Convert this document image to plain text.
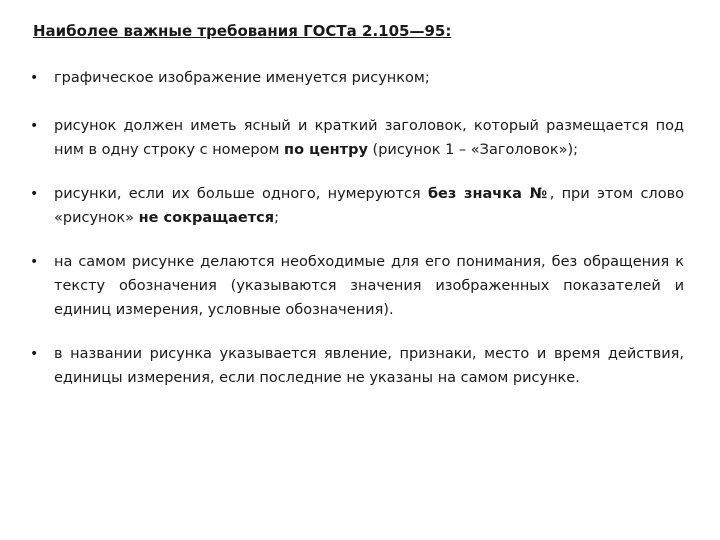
Наиболее важные требования ГОСТа 2.105—95:
• графическое изображение именуется рисунком;
• рисунок должен иметь ясный и краткий заголовок, который размещается под ним в одну строку с номером по центру (рисунок 1 – «Заголовок»);
• рисунки, если их больше одного, нумеруются без значка №, при этом слово «рисунок» не сокращается;
• на самом рисунке делаются необходимые для его понимания, без обращения к тексту обозначения (указываются значения изображенных показателей и единиц измерения, условные обозначения).
• в названии рисунка указывается явление, признаки, место и время действия, единицы измерения, если последние не указаны на самом рисунке.
